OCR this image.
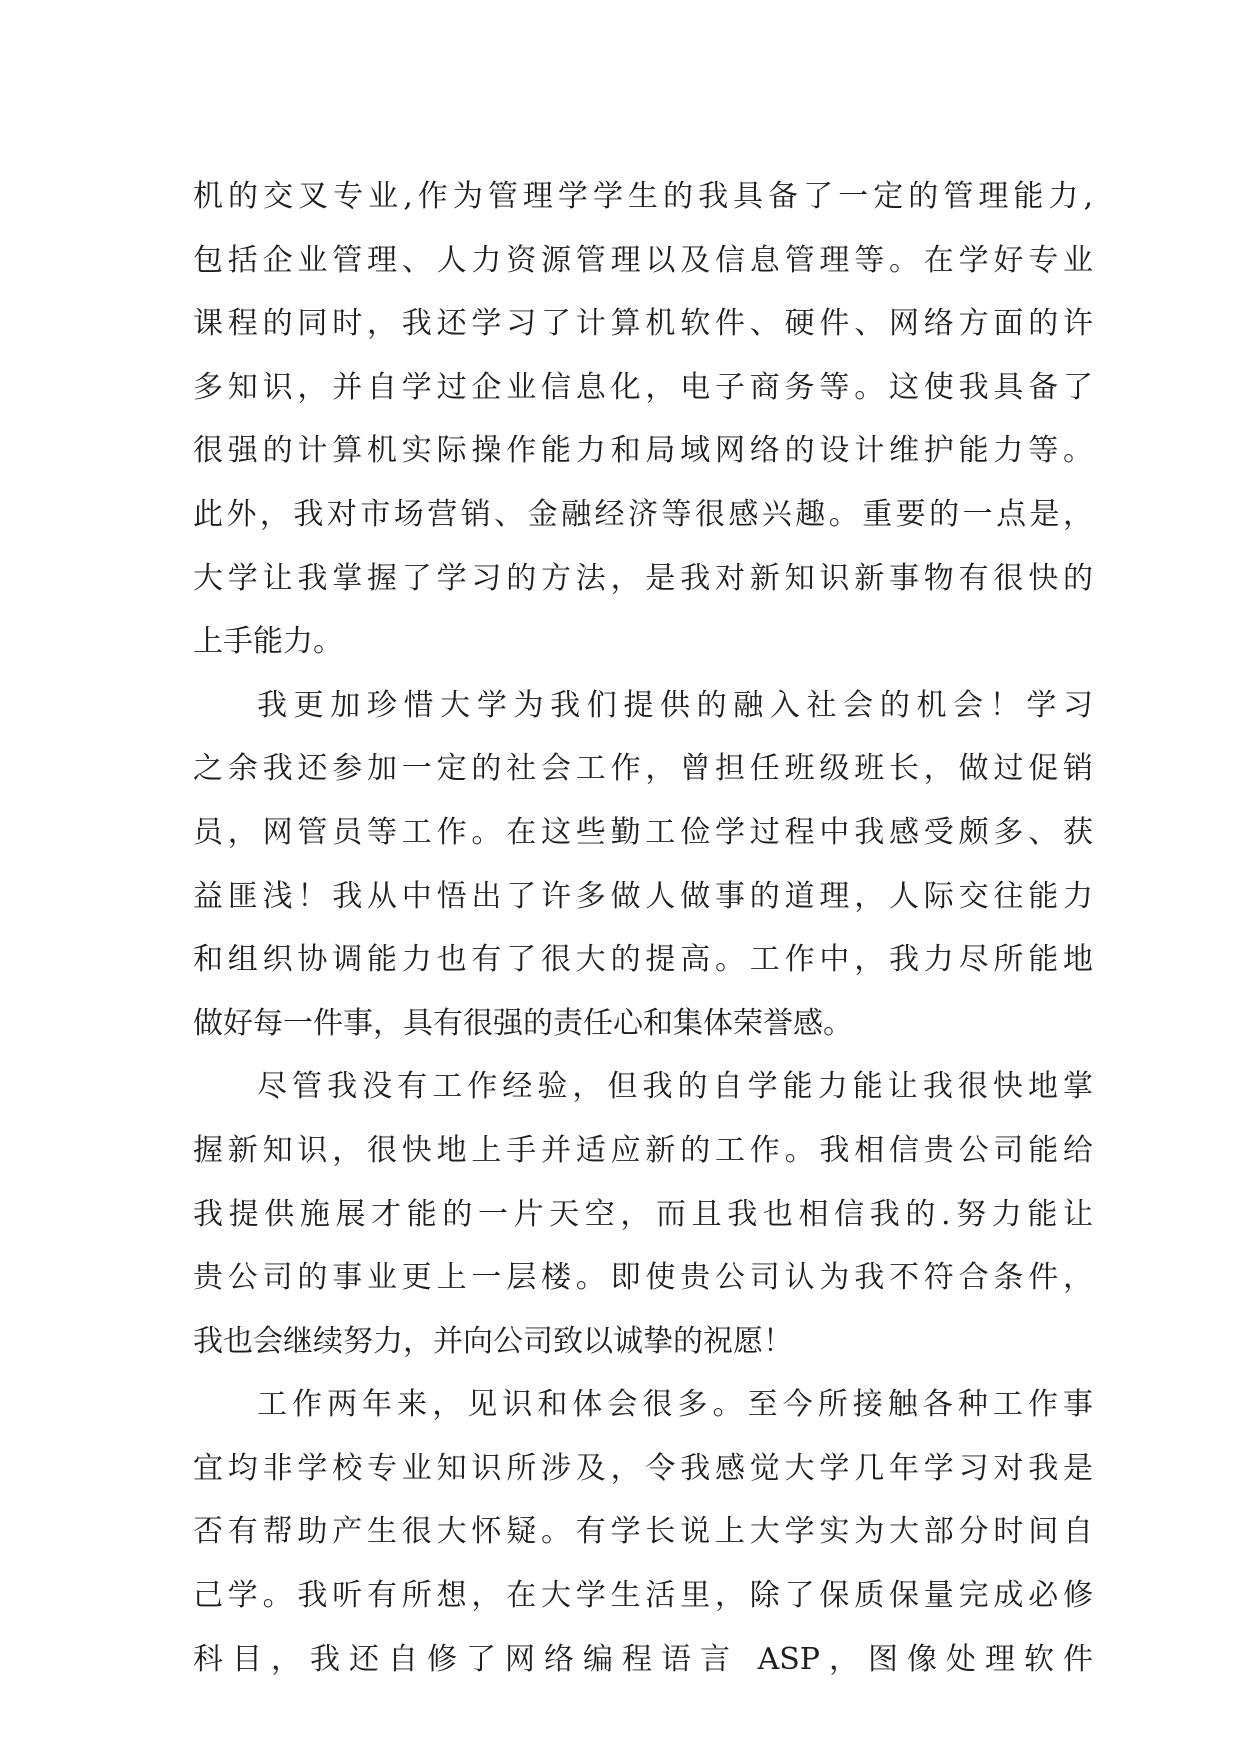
机的交叉专业,作为管理学学生的我具备了一定的管理能力,
包括企业管理、人力资源管理以及信息管理等。在学好专业
课程的同时，我还学习了计算机软件、硬件、网络方面的许
多知识，并自学过企业信息化，电子商务等。这使我具备了
很强的计算机实际操作能力和局域网络的设计维护能力等。
此外，我对市场营销、金融经济等很感兴趣。重要的一点是，
大学让我掌握了学习的方法，是我对新知识新事物有很快的
上手能力。
我更加珍惜大学为我们提供的融入社会的机会！学习
之余我还参加一定的社会工作，曾担任班级班长，做过促销
员，网管员等工作。在这些勤工俭学过程中我感受颇多、获
益匪浅！我从中悟出了许多做人做事的道理，人际交往能力
和组织协调能力也有了很大的提高。工作中，我力尽所能地
做好每一件事，具有很强的责任心和集体荣誉感。
尽管我没有工作经验，但我的自学能力能让我很快地掌
握新知识，很快地上手并适应新的工作。我相信贵公司能给
我提供施展才能的一片天空，而且我也相信我的.努力能让
贵公司的事业更上一层楼。即使贵公司认为我不符合条件，
我也会继续努力，并向公司致以诚挚的祝愿！
工作两年来，见识和体会很多。至今所接触各种工作事
宜均非学校专业知识所涉及，令我感觉大学几年学习对我是
否有帮助产生很大怀疑。有学长说上大学实为大部分时间自
己学。我听有所想，在大学生活里，除了保质保量完成必修
科目，我还自修了网络编程语言 ASP，图像处理软件
